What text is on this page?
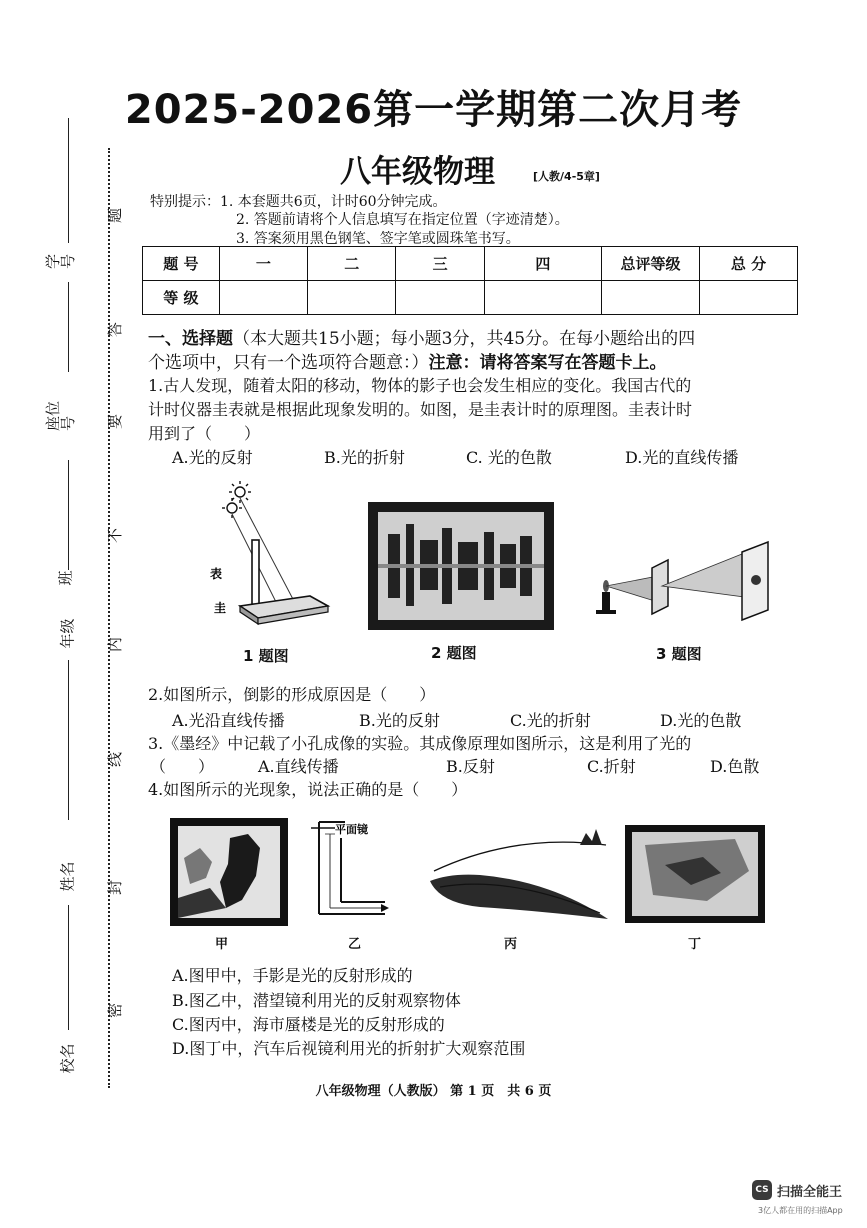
学号
座位号
年级
班
姓名
校名
题
答
要
不
内
线
封
密
2025-2026第一学期第二次月考
八年级物理	[人教/4-5章]
特别提示：1. 本套题共6页，计时60分钟完成。
2. 答题前请将个人信息填写在指定位置（字迹清楚）。
3. 答案须用黑色钢笔、签字笔或圆珠笔书写。
题 号	一	二	三	四	总评等级	总 分
等 级						
一、选择题（本大题共15小题；每小题3分，共45分。在每小题给出的四
个选项中，只有一个选项符合题意：）注意：请将答案写在答题卡上。
1.古人发现，随着太阳的移动，物体的影子也会发生相应的变化。我国古代的
计时仪器圭表就是根据此现象发明的。如图，是圭表计时的原理图。圭表计时
用到了（　　）
A.光的反射	B.光的折射	C. 光的色散	D.光的直线传播
表
圭
1 题图	2 题图	3 题图
2.如图所示，倒影的形成原因是（　　）
A.光沿直线传播	B.光的反射	C.光的折射	D.光的色散
3.《墨经》中记载了小孔成像的实验。其成像原理如图所示，这是利用了光的
（　　）	A.直线传播	B.反射	C.折射	D.色散
4.如图所示的光现象，说法正确的是（　　）
平面镜
甲	乙	丙	丁
A.图甲中，手影是光的反射形成的
B.图乙中，潜望镜利用光的反射观察物体
C.图丙中，海市蜃楼是光的反射形成的
D.图丁中，汽车后视镜利用光的折射扩大观察范围
八年级物理（人教版） 第 1 页　共 6 页
CS 扫描全能王
3亿人都在用的扫描App
